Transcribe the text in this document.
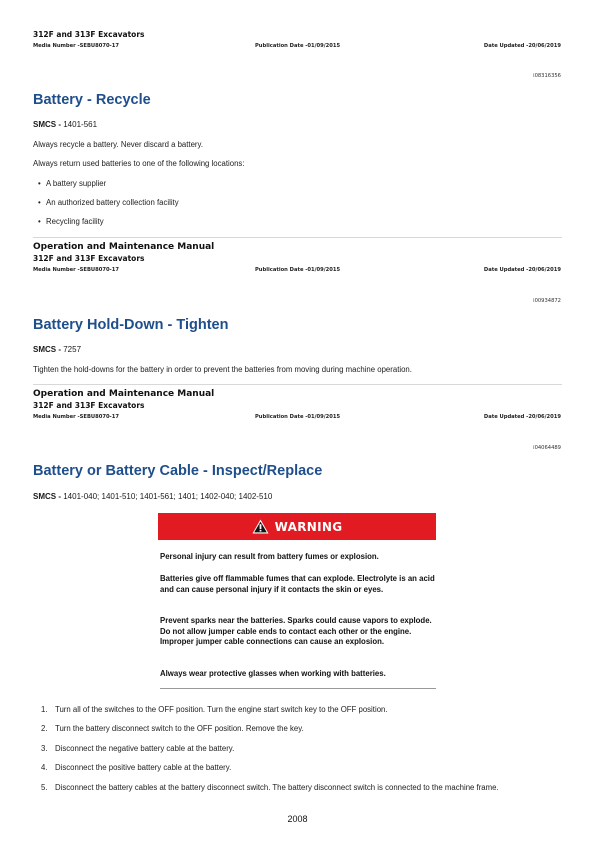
312F and 313F Excavators
Media Number -SEBU8070-17	Publication Date -01/09/2015	Date Updated -20/06/2019
i08316356
Battery - Recycle
SMCS - 1401-561
Always recycle a battery. Never discard a battery.
Always return used batteries to one of the following locations:
• A battery supplier
• An authorized battery collection facility
• Recycling facility
Operation and Maintenance Manual
312F and 313F Excavators
Media Number -SEBU8070-17	Publication Date -01/09/2015	Date Updated -20/06/2019
i00934872
Battery Hold-Down - Tighten
SMCS - 7257
Tighten the hold-downs for the battery in order to prevent the batteries from moving during machine operation.
Operation and Maintenance Manual
312F and 313F Excavators
Media Number -SEBU8070-17	Publication Date -01/09/2015	Date Updated -20/06/2019
i04064489
Battery or Battery Cable - Inspect/Replace
SMCS - 1401-040; 1401-510; 1401-561; 1401; 1402-040; 1402-510
WARNING
Personal injury can result from battery fumes or explosion.
Batteries give off flammable fumes that can explode. Electrolyte is an acid and can cause personal injury if it contacts the skin or eyes.
Prevent sparks near the batteries. Sparks could cause vapors to explode. Do not allow jumper cable ends to contact each other or the engine. Improper jumper cable connections can cause an explosion.
Always wear protective glasses when working with batteries.
1. Turn all of the switches to the OFF position. Turn the engine start switch key to the OFF position.
2. Turn the battery disconnect switch to the OFF position. Remove the key.
3. Disconnect the negative battery cable at the battery.
4. Disconnect the positive battery cable at the battery.
5. Disconnect the battery cables at the battery disconnect switch. The battery disconnect switch is connected to the machine frame.
2008
